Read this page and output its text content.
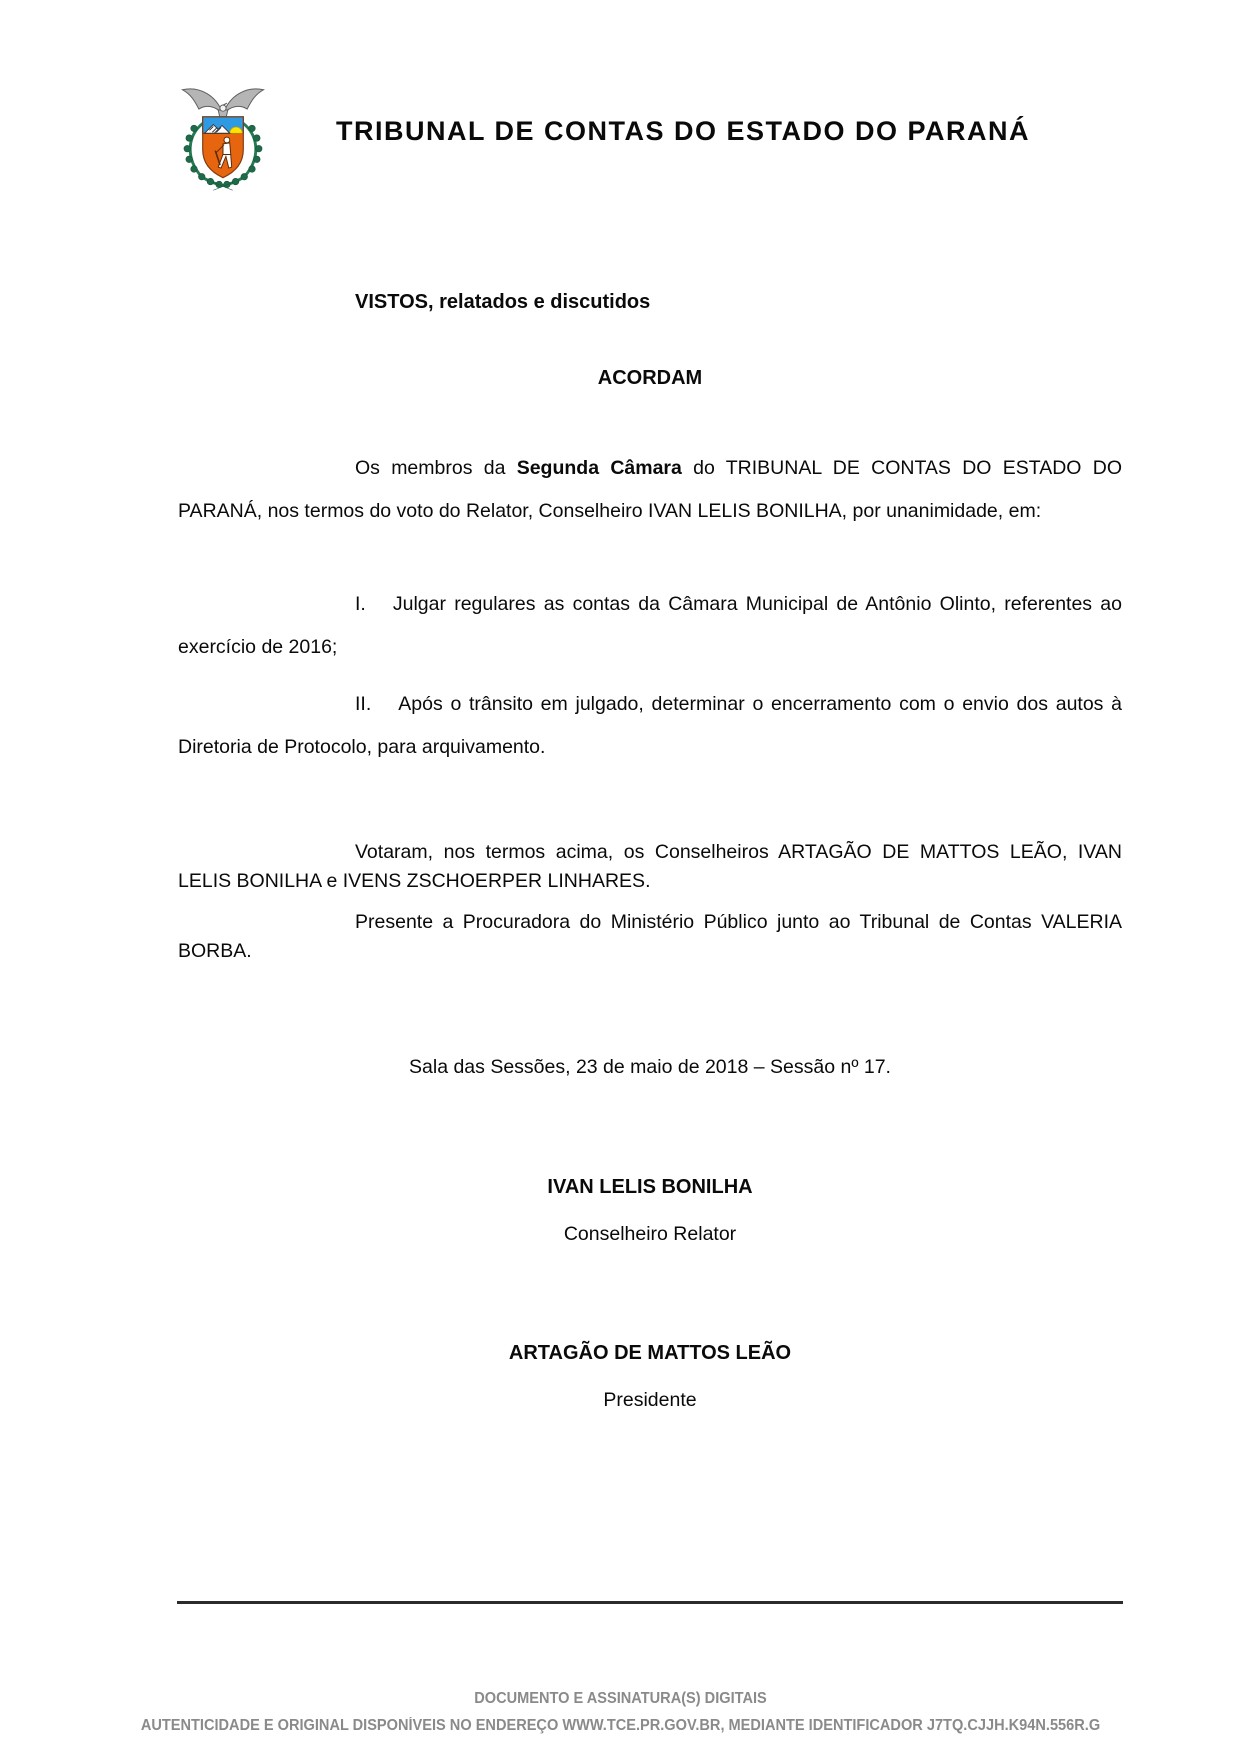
TRIBUNAL DE CONTAS DO ESTADO DO PARANÁ
VISTOS, relatados e discutidos
ACORDAM

Os membros da Segunda Câmara do TRIBUNAL DE CONTAS DO ESTADO DO PARANÁ, nos termos do voto do Relator, Conselheiro IVAN LELIS BONILHA, por unanimidade, em:

I. Julgar regulares as contas da Câmara Municipal de Antônio Olinto, referentes ao exercício de 2016;

II. Após o trânsito em julgado, determinar o encerramento com o envio dos autos à Diretoria de Protocolo, para arquivamento.

Votaram, nos termos acima, os Conselheiros ARTAGÃO DE MATTOS LEÃO, IVAN LELIS BONILHA e IVENS ZSCHOERPER LINHARES.

Presente a Procuradora do Ministério Público junto ao Tribunal de Contas VALERIA BORBA.

Sala das Sessões, 23 de maio de 2018 – Sessão nº 17.
IVAN LELIS BONILHA
Conselheiro Relator
ARTAGÃO DE MATTOS LEÃO
Presidente
DOCUMENTO E ASSINATURA(S) DIGITAIS
AUTENTICIDADE E ORIGINAL DISPONÍVEIS NO ENDEREÇO WWW.TCE.PR.GOV.BR, MEDIANTE IDENTIFICADOR J7TQ.CJJH.K94N.556R.G
